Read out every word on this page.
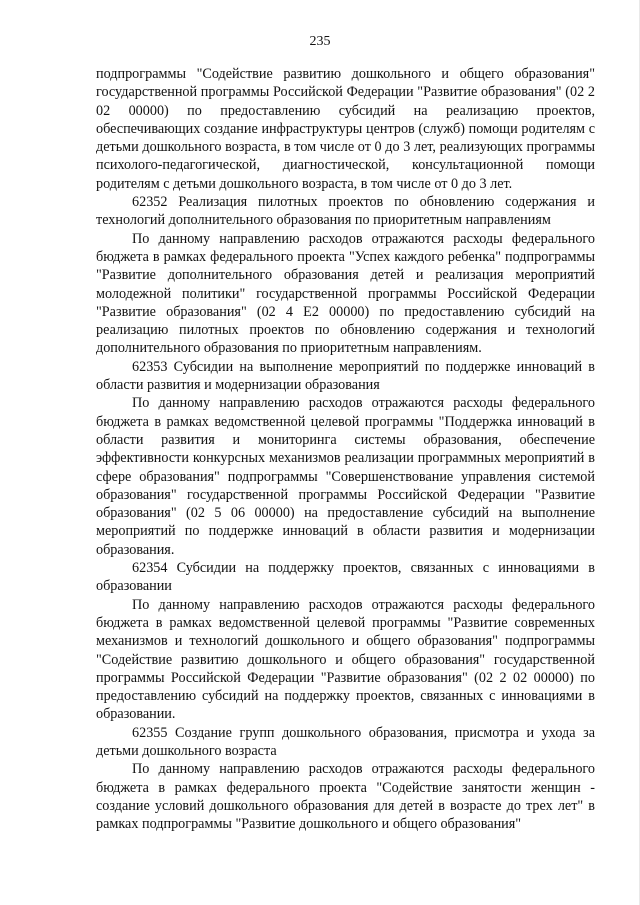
235

подпрограммы "Содействие развитию дошкольного и общего образования" государственной программы Российской Федерации "Развитие образования" (02 2 02 00000) по предоставлению субсидий на реализацию проектов, обеспечивающих создание инфраструктуры центров (служб) помощи родителям с детьми дошкольного возраста, в том числе от 0 до 3 лет, реализующих программы психолого-педагогической, диагностической, консультационной помощи родителям с детьми дошкольного возраста, в том числе от 0 до 3 лет.

62352 Реализация пилотных проектов по обновлению содержания и технологий дополнительного образования по приоритетным направлениям

По данному направлению расходов отражаются расходы федерального бюджета в рамках федерального проекта "Успех каждого ребенка" подпрограммы "Развитие дополнительного образования детей и реализация мероприятий молодежной политики" государственной программы Российской Федерации "Развитие образования" (02 4 Е2 00000) по предоставлению субсидий на реализацию пилотных проектов по обновлению содержания и технологий дополнительного образования по приоритетным направлениям.

62353 Субсидии на выполнение мероприятий по поддержке инноваций в области развития и модернизации образования

По данному направлению расходов отражаются расходы федерального бюджета в рамках ведомственной целевой программы "Поддержка инноваций в области развития и мониторинга системы образования, обеспечение эффективности конкурсных механизмов реализации программных мероприятий в сфере образования" подпрограммы "Совершенствование управления системой образования" государственной программы Российской Федерации "Развитие образования" (02 5 06 00000) на предоставление субсидий на выполнение мероприятий по поддержке инноваций в области развития и модернизации образования.

62354 Субсидии на поддержку проектов, связанных с инновациями в образовании

По данному направлению расходов отражаются расходы федерального бюджета в рамках ведомственной целевой программы "Развитие современных механизмов и технологий дошкольного и общего образования" подпрограммы "Содействие развитию дошкольного и общего образования" государственной программы Российской Федерации "Развитие образования" (02 2 02 00000) по предоставлению субсидий на поддержку проектов, связанных с инновациями в образовании.

62355 Создание групп дошкольного образования, присмотра и ухода за детьми дошкольного возраста

По данному направлению расходов отражаются расходы федерального бюджета в рамках федерального проекта "Содействие занятости женщин - создание условий дошкольного образования для детей в возрасте до трех лет" в рамках подпрограммы "Развитие дошкольного и общего образования"
